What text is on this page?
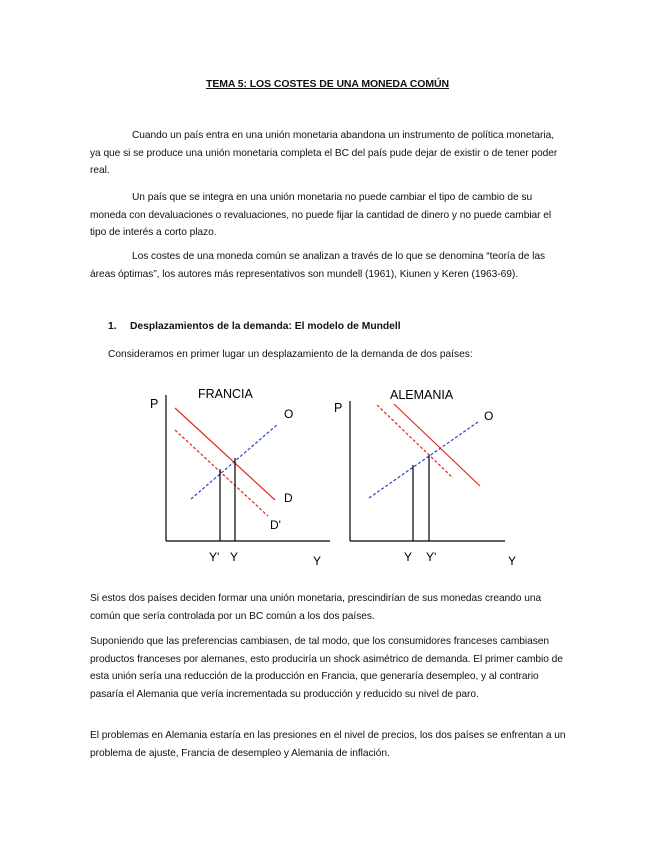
TEMA 5: LOS COSTES DE UNA MONEDA COMÚN
Cuando un país entra en una unión monetaria abandona un instrumento de política monetaria, ya que si se produce una unión monetaria completa el BC del país pude dejar de existir o de tener poder real.
Un país que se integra en una unión monetaria no puede cambiar el tipo de cambio de su moneda con devaluaciones o revaluaciones, no puede fijar la cantidad de dinero y no puede cambiar el tipo de interés a corto plazo.
Los costes de una moneda común se analizan a través de lo que se denomina “teoría de las áreas óptimas”, los autores más representativos son mundell (1961), Kiunen y Keren (1963-69).
1. Desplazamientos de la demanda: El modelo de Mundell
Consideramos en primer lugar un desplazamiento de la demanda de dos países:
FRANCIA
P
O
D
D'
Y' Y	Y
ALEMANIA
P
O
Y Y'	Y
Si estos dos países deciden formar una unión monetaria, prescindirían de sus monedas creando una común que sería controlada por un BC común a los dos países.
Suponiendo que las preferencias cambiasen, de tal modo, que los consumidores franceses cambiasen productos franceses por alemanes, esto produciría un shock asimétrico de demanda. El primer cambio de esta unión sería una reducción de la producción en Francia, que generaría desempleo, y al contrario pasaría el Alemania que vería incrementada su producción y reducido su nivel de paro.
El problemas en Alemania estaría en las presiones en el nivel de precios, los dos países se enfrentan a un problema de ajuste, Francia de desempleo y Alemania de inflación.
